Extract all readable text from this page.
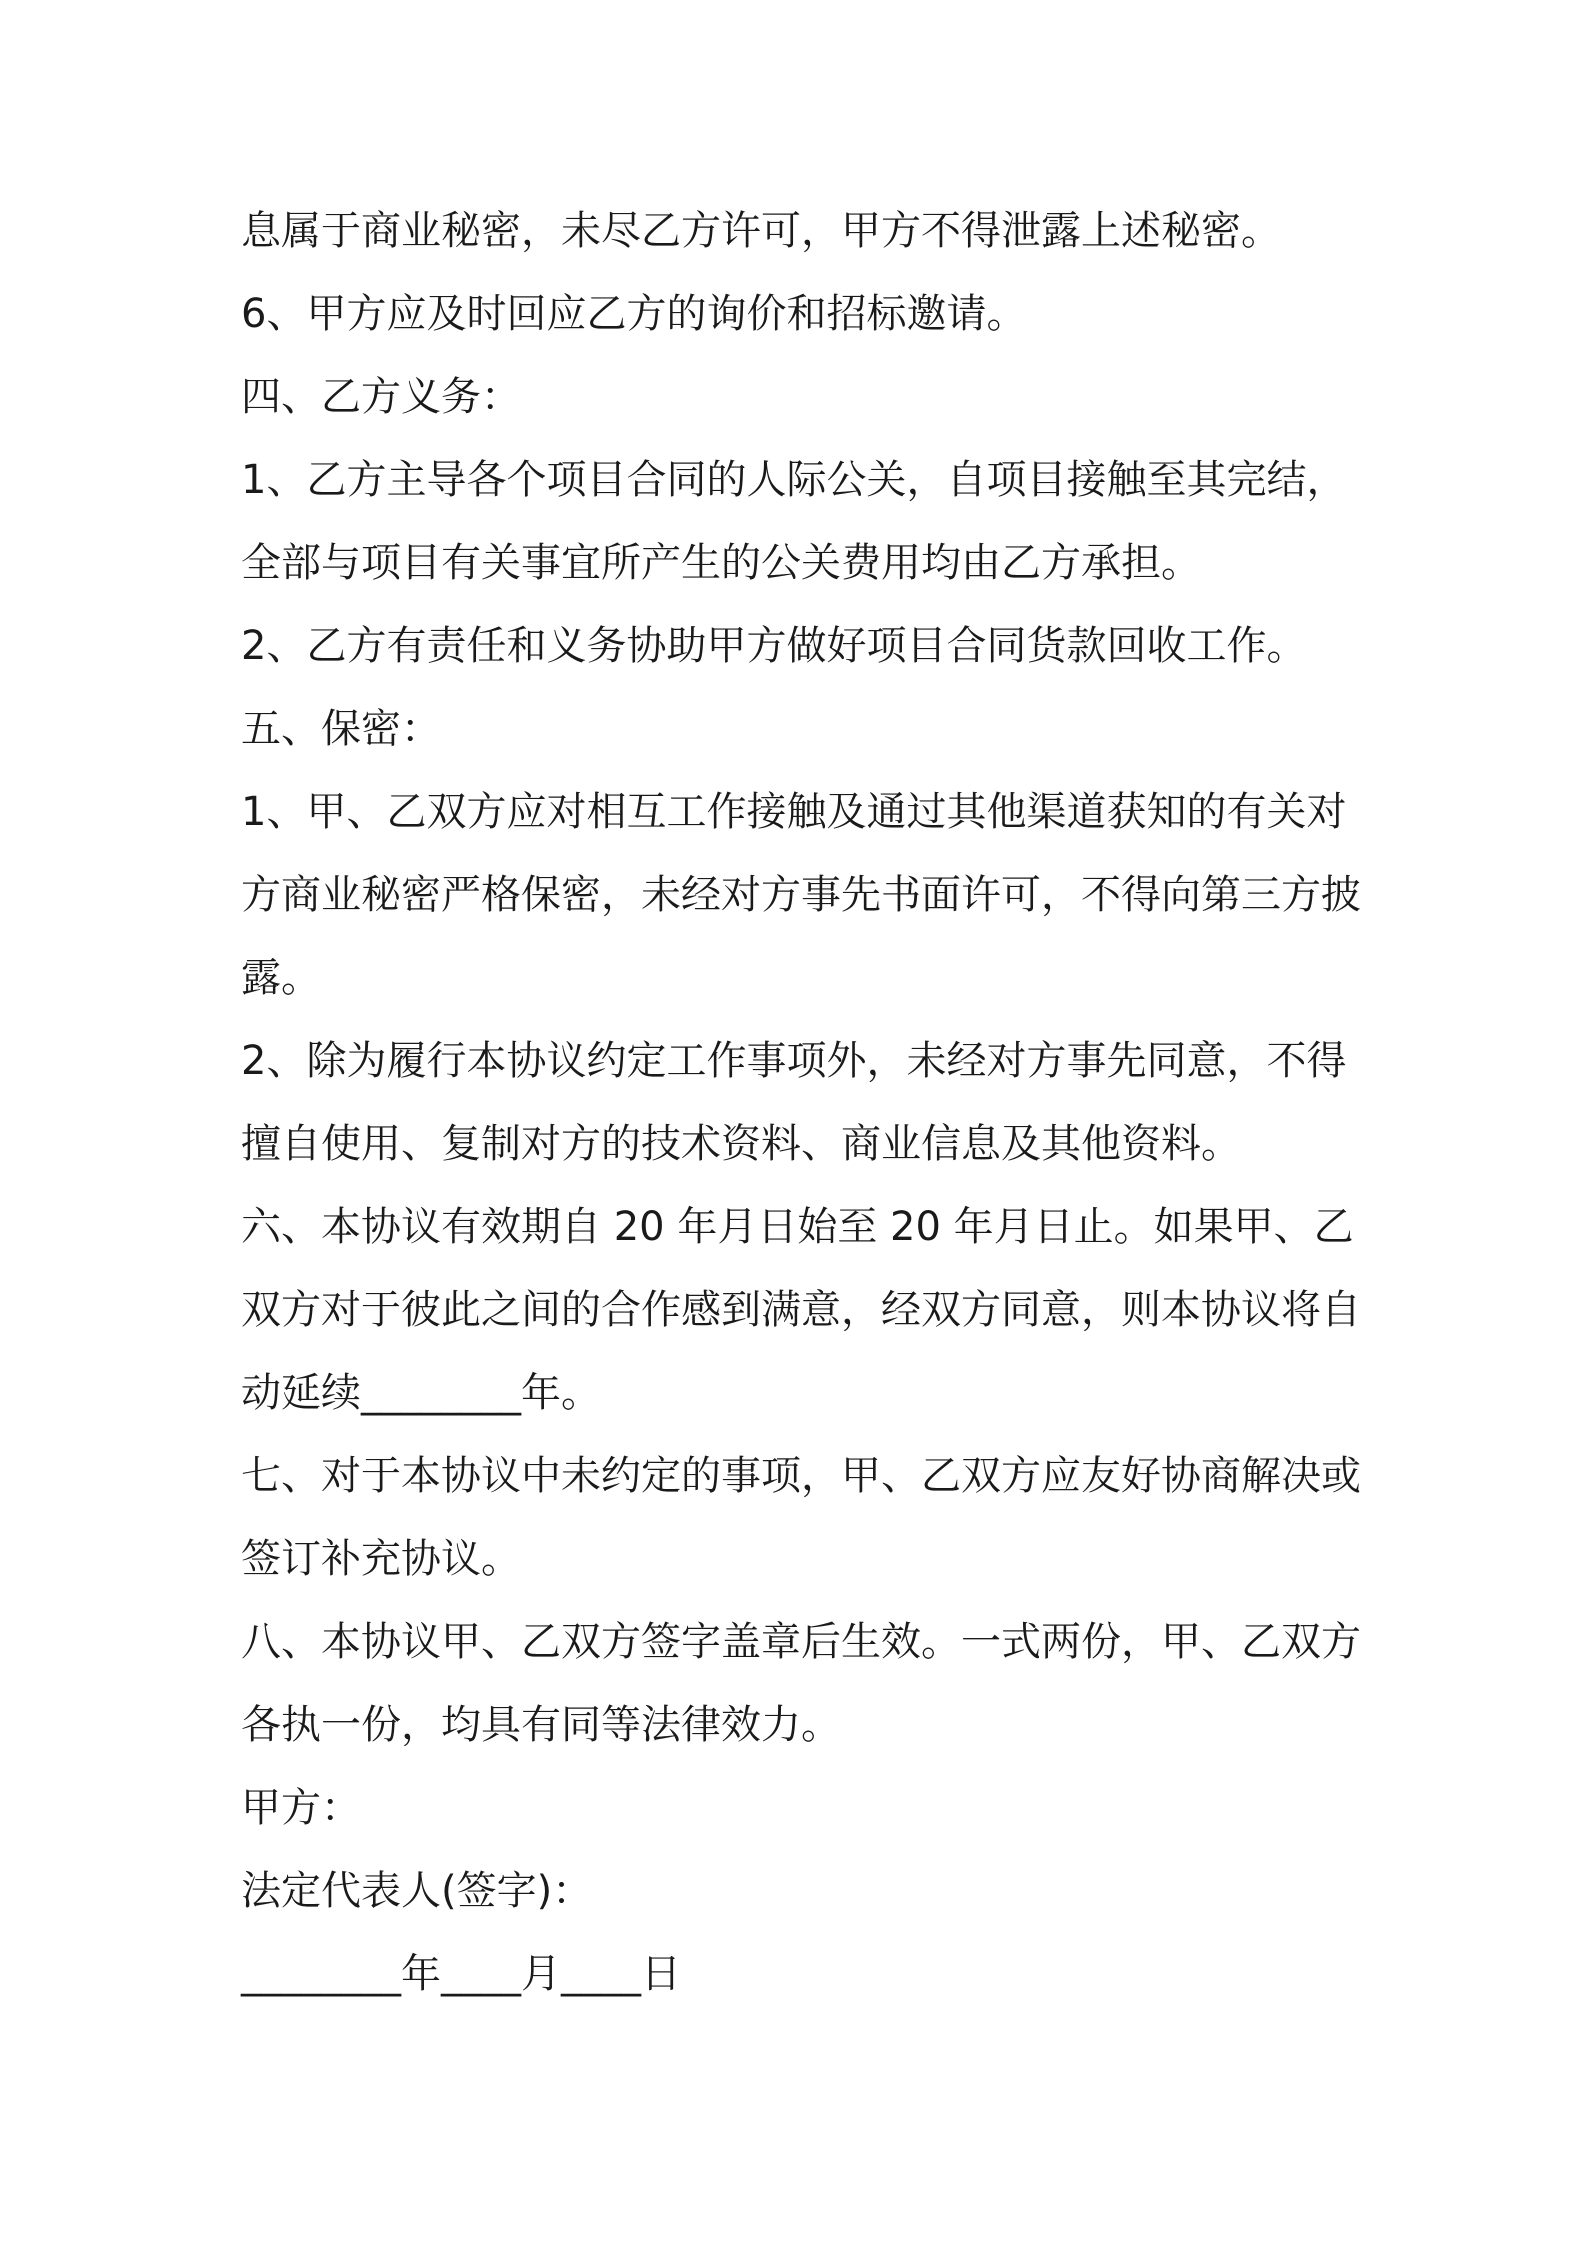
息属于商业秘密，未尽乙方许可，甲方不得泄露上述秘密。
6、甲方应及时回应乙方的询价和招标邀请。
四、乙方义务：
1、乙方主导各个项目合同的人际公关，自项目接触至其完结，
全部与项目有关事宜所产生的公关费用均由乙方承担。
2、乙方有责任和义务协助甲方做好项目合同货款回收工作。
五、保密：
1、甲、乙双方应对相互工作接触及通过其他渠道获知的有关对
方商业秘密严格保密，未经对方事先书面许可，不得向第三方披
露。
2、除为履行本协议约定工作事项外，未经对方事先同意，不得
擅自使用、复制对方的技术资料、商业信息及其他资料。
六、本协议有效期自 20 年月日始至 20 年月日止。如果甲、乙
双方对于彼此之间的合作感到满意，经双方同意，则本协议将自
动延续________年。
七、对于本协议中未约定的事项，甲、乙双方应友好协商解决或
签订补充协议。
八、本协议甲、乙双方签字盖章后生效。一式两份，甲、乙双方
各执一份，均具有同等法律效力。
甲方：
法定代表人(签字)：
________年____月____日
